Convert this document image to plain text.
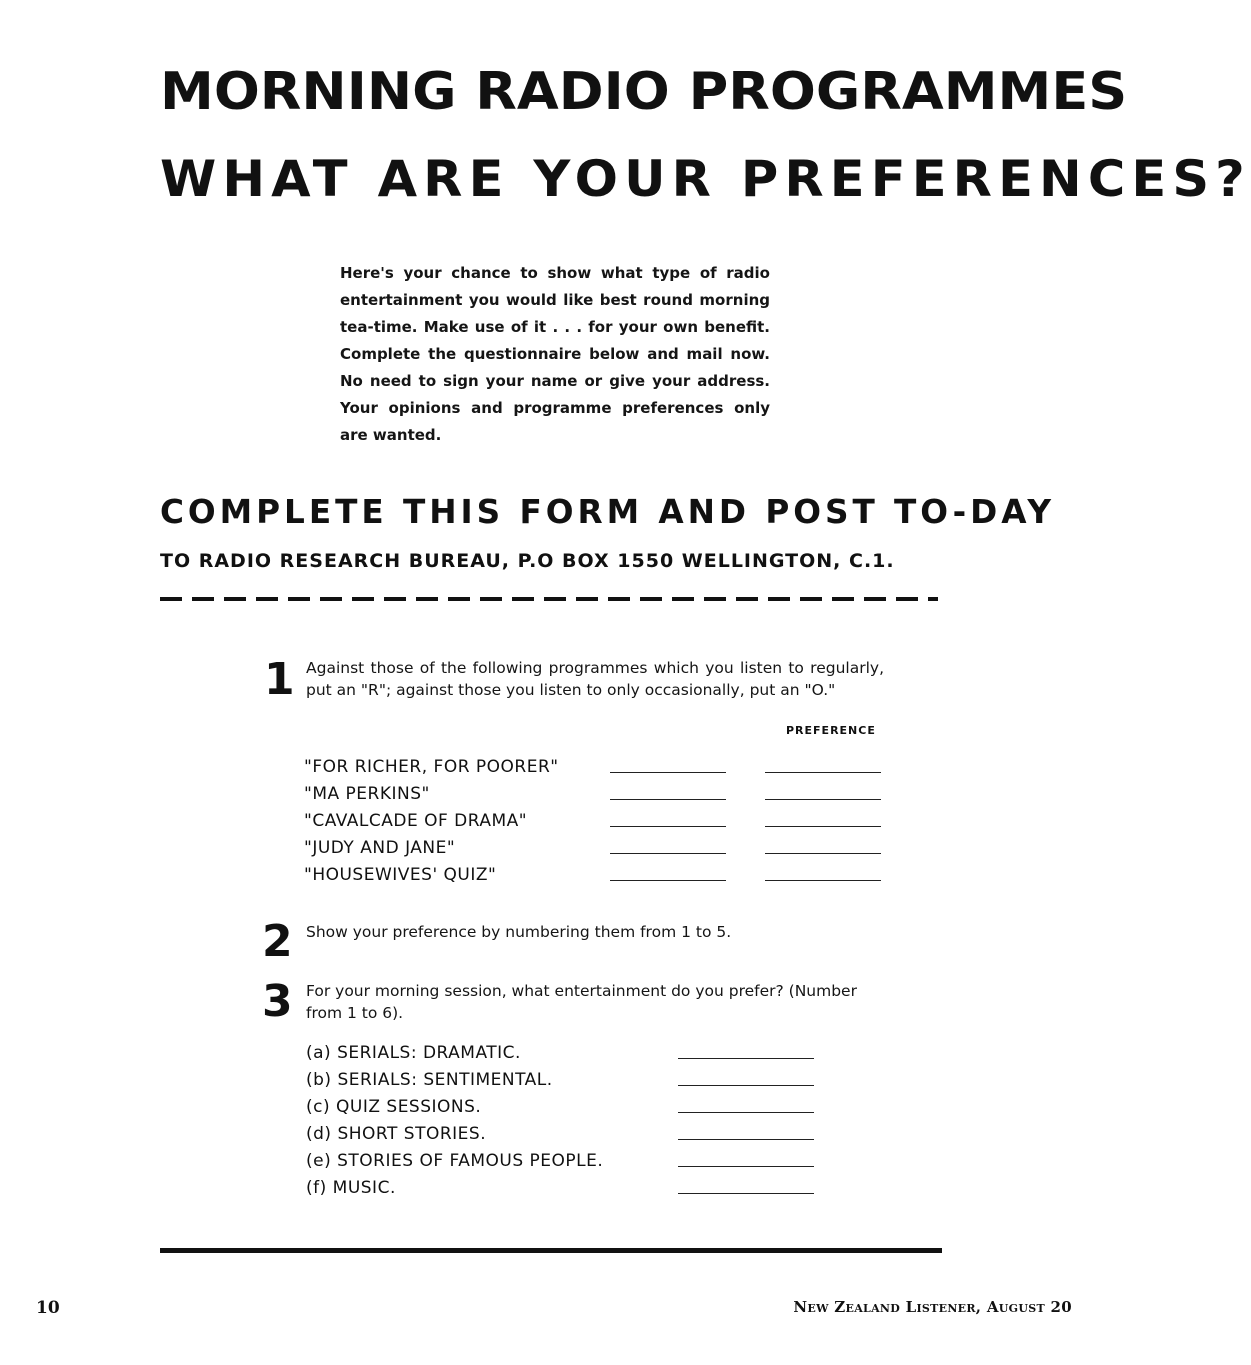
MORNING RADIO PROGRAMMES
WHAT ARE YOUR PREFERENCES?
Here's your chance to show what type of radio entertainment you would like best round morning tea-time. Make use of it . . . for your own benefit. Complete the questionnaire below and mail now. No need to sign your name or give your address. Your opinions and programme preferences only are wanted.
COMPLETE THIS FORM AND POST TO-DAY
TO RADIO RESEARCH BUREAU, P.O BOX 1550 WELLINGTON, C.1.
1 Against those of the following programmes which you listen to regularly, put an "R"; against those you listen to only occasionally, put an "O."
PREFERENCE
"FOR RICHER, FOR POORER"
"MA PERKINS"
"CAVALCADE OF DRAMA"
"JUDY AND JANE"
"HOUSEWIVES' QUIZ"
2 Show your preference by numbering them from 1 to 5.
3 For your morning session, what entertainment do you prefer? (Number from 1 to 6).
(a) SERIALS: DRAMATIC.
(b) SERIALS: SENTIMENTAL.
(c) QUIZ SESSIONS.
(d) SHORT STORIES.
(e) STORIES OF FAMOUS PEOPLE.
(f) MUSIC.
10	New Zealand Listener, August 20
